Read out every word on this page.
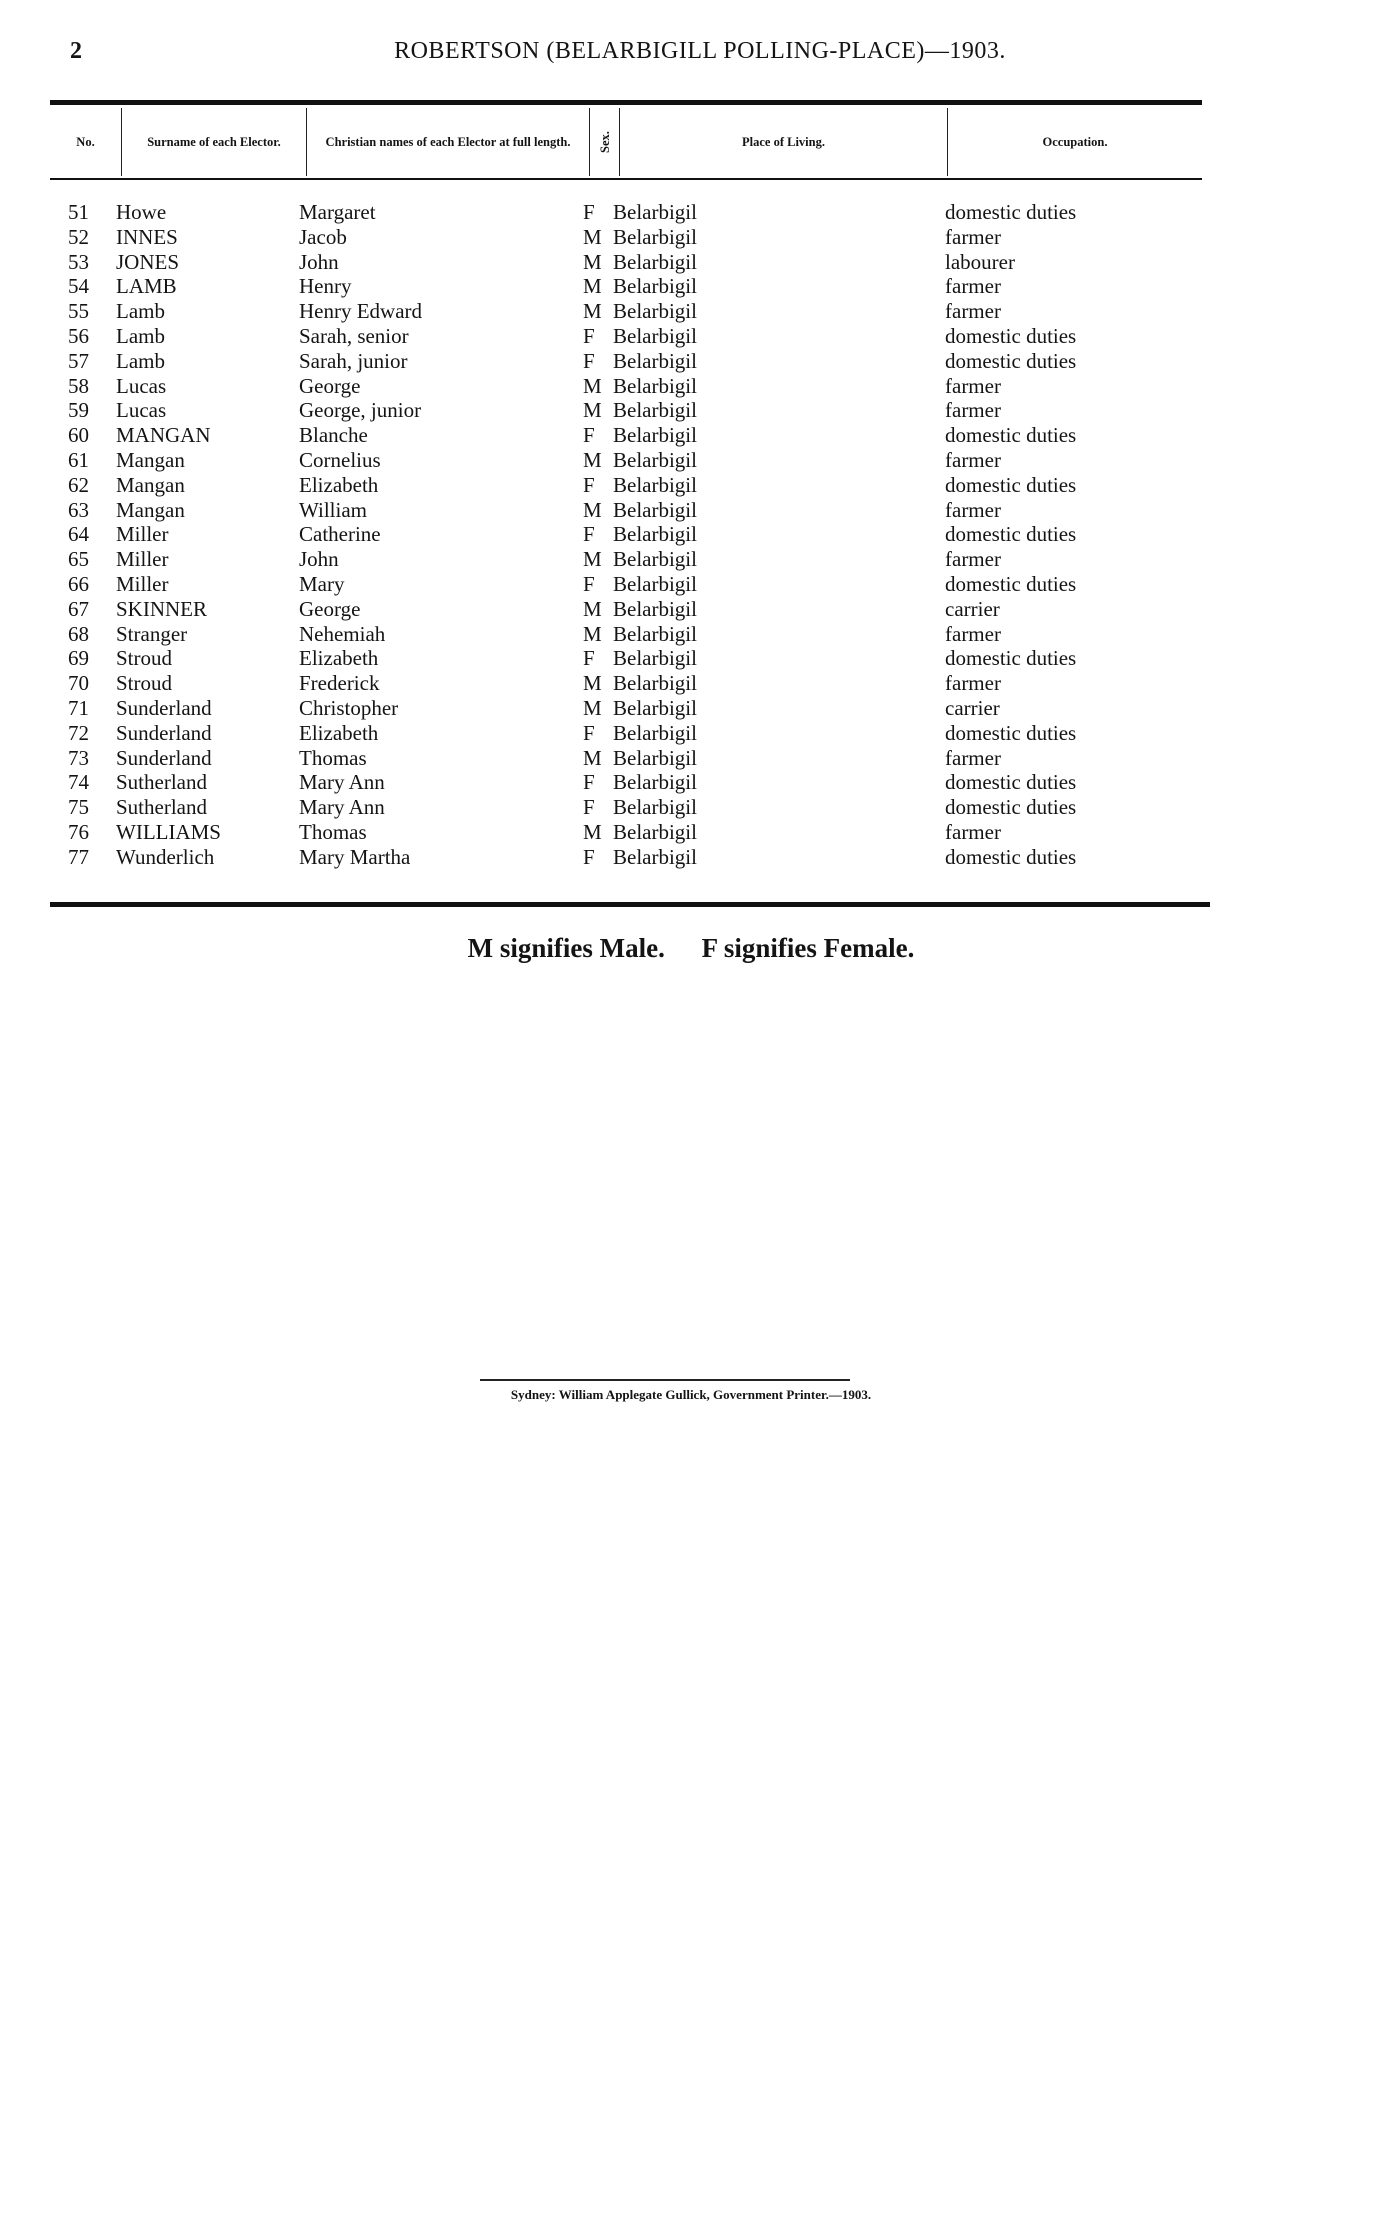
2	ROBERTSON (BELARBIGILL POLLING-PLACE)—1903.
No.	Surname of each Elector.	Christian names of each Elector at full length.	Sex.	Place of Living.	Occupation.
51	Howe	Margaret	F Belarbigil	domestic duties
52	INNES	Jacob	M Belarbigil	farmer
53	JONES	John	M Belarbigil	labourer
54	LAMB	Henry	M Belarbigil	farmer
55	Lamb	Henry Edward	M Belarbigil	farmer
56	Lamb	Sarah, senior	F Belarbigil	domestic duties
57	Lamb	Sarah, junior	F Belarbigil	domestic duties
58	Lucas	George	M Belarbigil	farmer
59	Lucas	George, junior	M Belarbigil	farmer
60	MANGAN	Blanche	F Belarbigil	domestic duties
61	Mangan	Cornelius	M Belarbigil	farmer
62	Mangan	Elizabeth	F Belarbigil	domestic duties
63	Mangan	William	M Belarbigil	farmer
64	Miller	Catherine	F Belarbigil	domestic duties
65	Miller	John	M Belarbigil	farmer
66	Miller	Mary	F Belarbigil	domestic duties
67	SKINNER	George	M Belarbigil	carrier
68	Stranger	Nehemiah	M Belarbigil	farmer
69	Stroud	Elizabeth	F Belarbigil	domestic duties
70	Stroud	Frederick	M Belarbigil	farmer
71	Sunderland	Christopher	M Belarbigil	carrier
72	Sunderland	Elizabeth	F Belarbigil	domestic duties
73	Sunderland	Thomas	M Belarbigil	farmer
74	Sutherland	Mary Ann	F Belarbigil	domestic duties
75	Sutherland	Mary Ann	F Belarbigil	domestic duties
76	WILLIAMS	Thomas	M Belarbigil	farmer
77	Wunderlich	Mary Martha	F Belarbigil	domestic duties
M signifies Male. F signifies Female.
Sydney: William Applegate Gullick, Government Printer.—1903.
